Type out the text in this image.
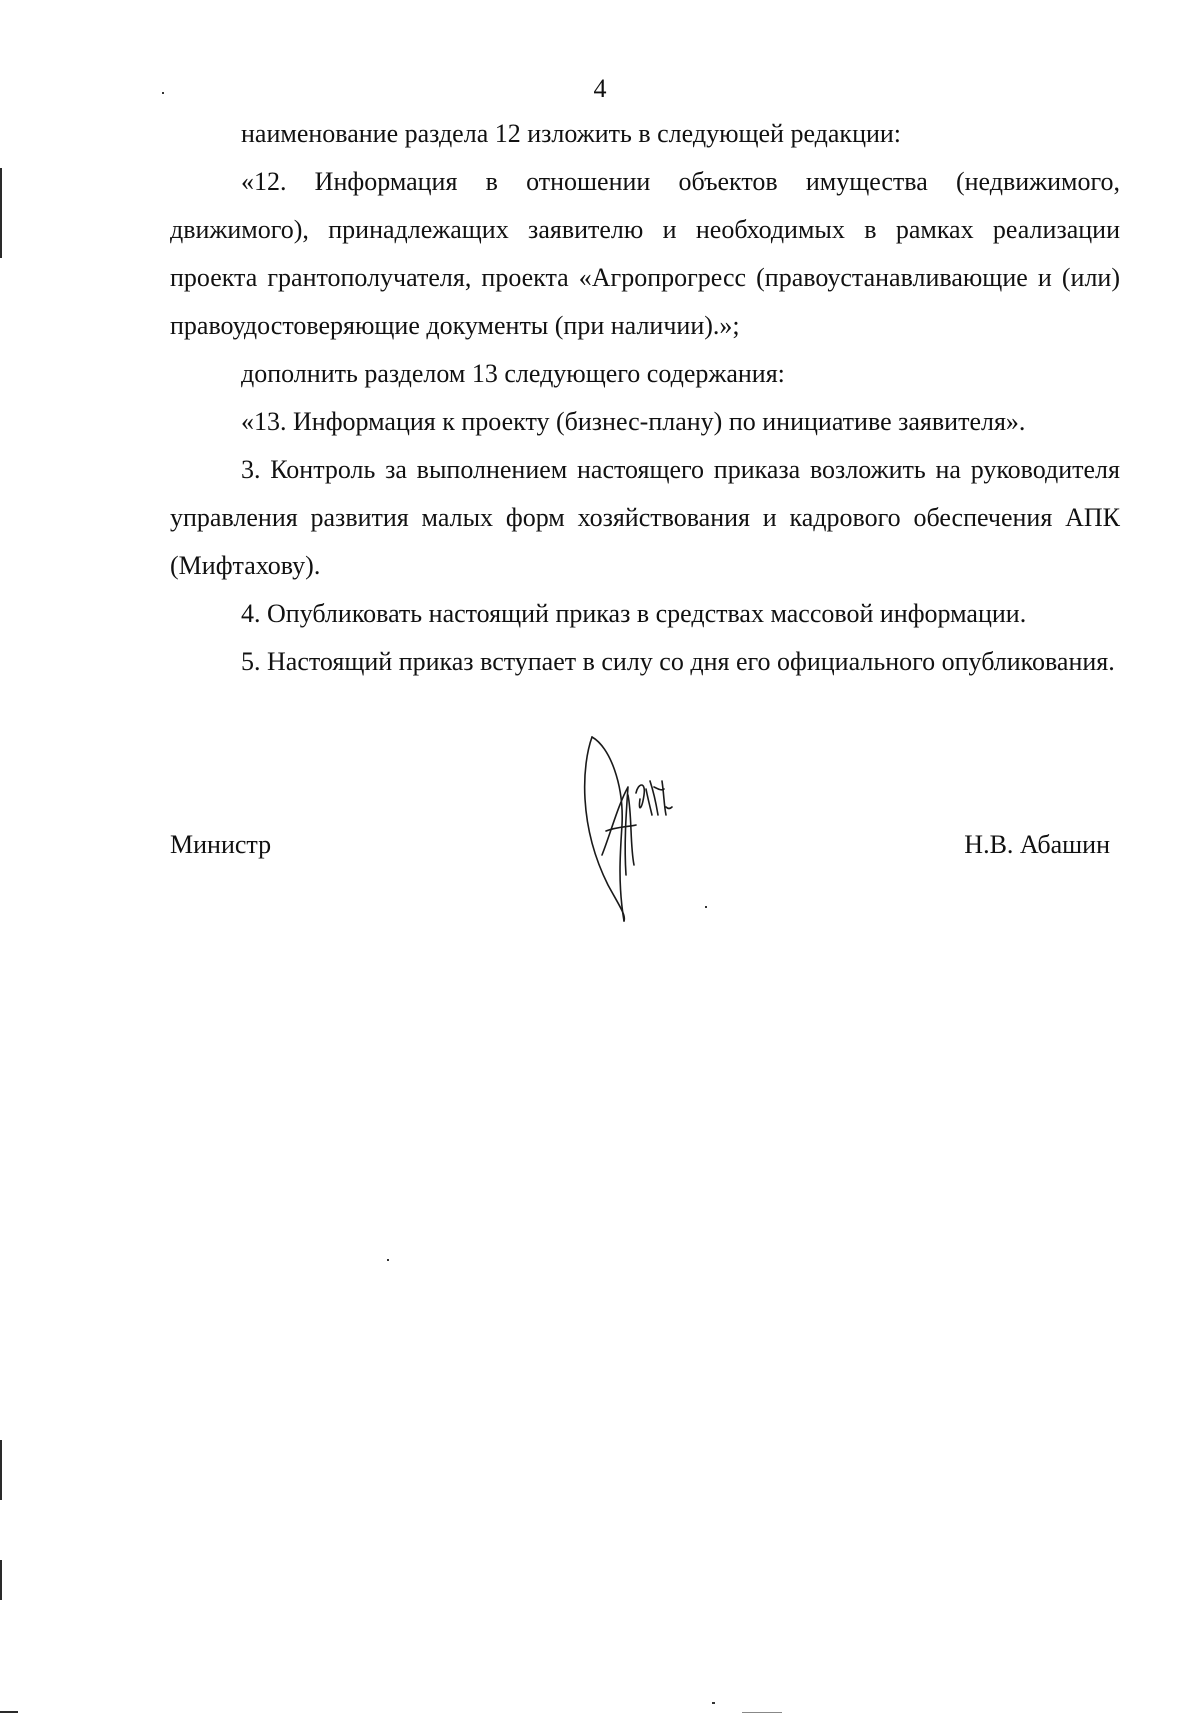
4

наименование раздела 12 изложить в следующей редакции:

«12. Информация в отношении объектов имущества (недвижимого, движимого), принадлежащих заявителю и необходимых в рамках реализации проекта грантополучателя, проекта «Агропрогресс (правоустанавливающие и (или) правоудостоверяющие документы (при наличии).»;

дополнить разделом 13 следующего содержания:

«13. Информация к проекту (бизнес-плану) по инициативе заявителя».

3. Контроль за выполнением настоящего приказа возложить на руководителя управления развития малых форм хозяйствования и кадрового обеспечения АПК (Мифтахову).

4. Опубликовать настоящий приказ в средствах массовой информации.

5. Настоящий приказ вступает в силу со дня его официального опубликования.

Министр	Н.В. Абашин
